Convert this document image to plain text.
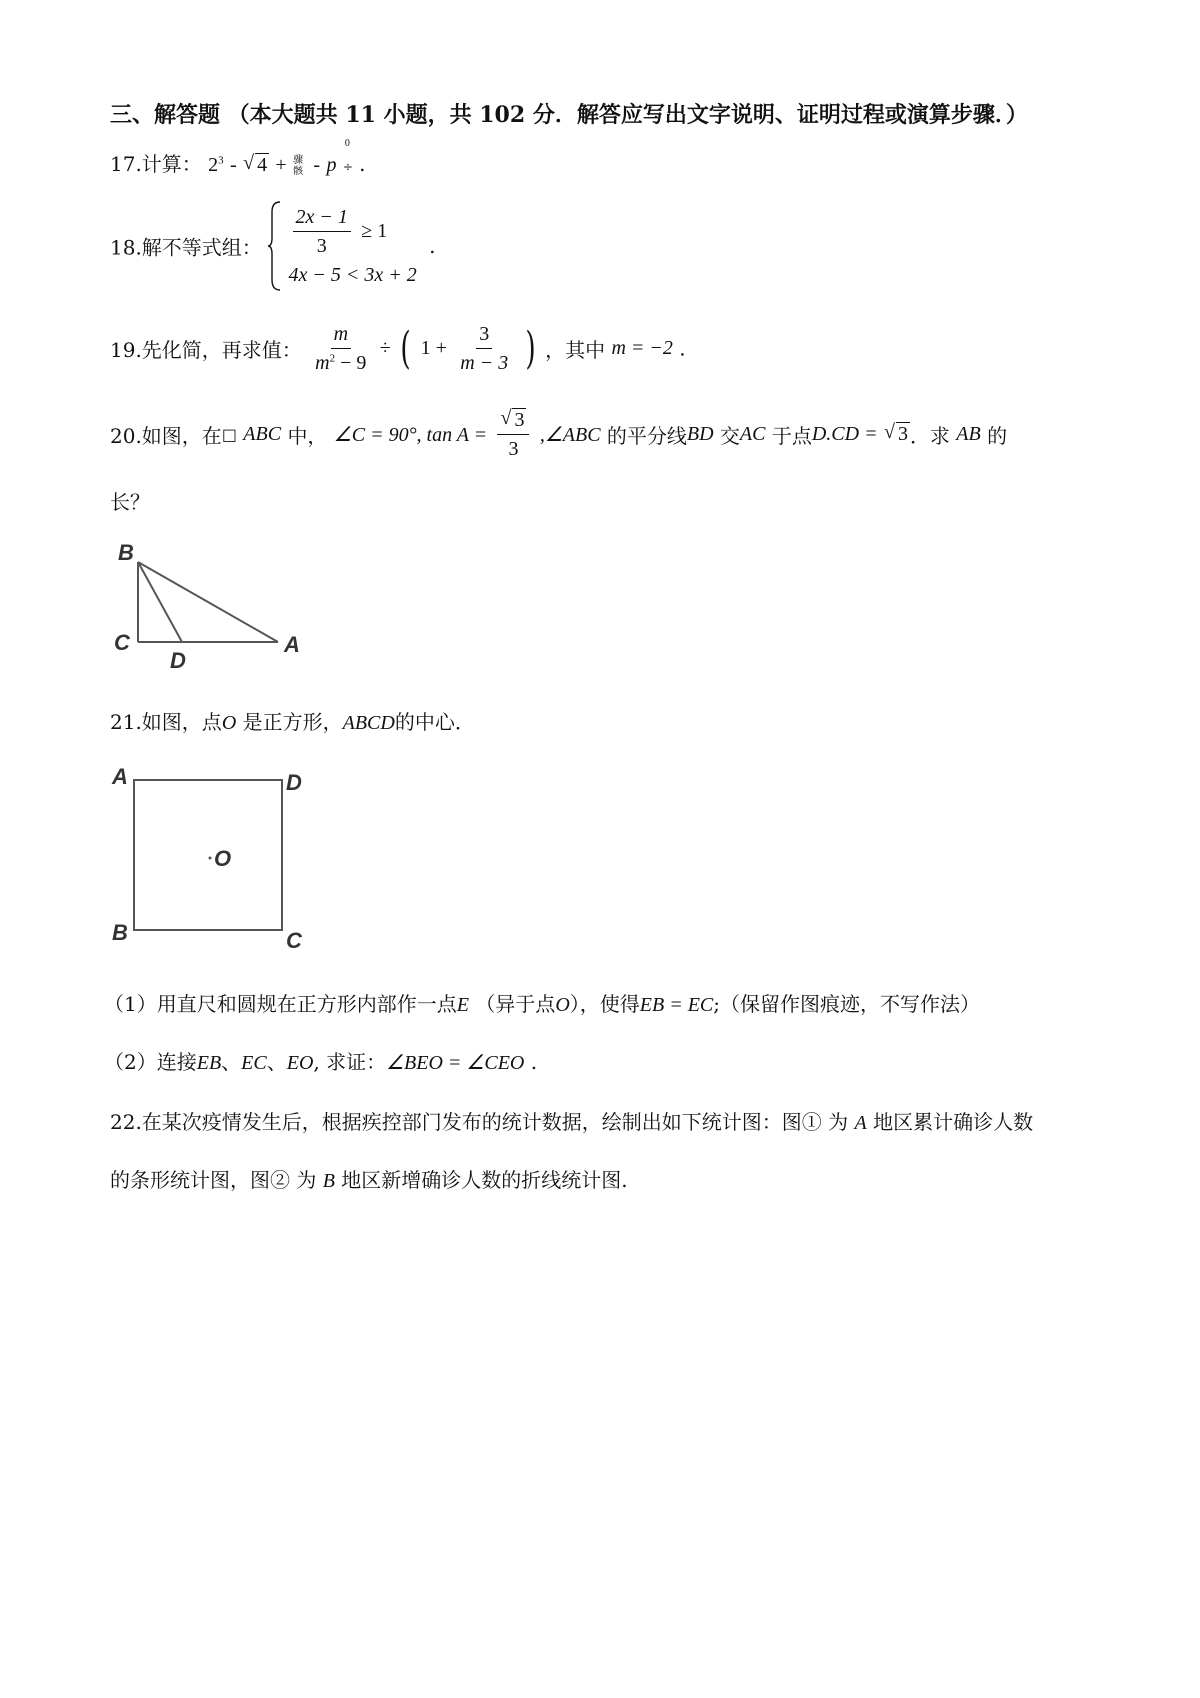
三、解答题 （本大题共 11 小题，共 102 分．解答应写出文字说明、证明过程或演算步骤．）
17.计算： $2^3$ - √ 4 + 骤
骸 - p
0
÷ .
18.解不等式组： $\frac{2x - 1}{3} \ge 1$
4x − 5 < 3x + 2
.
19.先化简，再求值： $\frac{m}{m^2 - 9}$ ÷ ( $1 + \frac{3}{m - 3}$ ) ，其中 m = −2 .
20.如图，在□ ABC 中， ∠C = 90°, tan A = √ $\frac{3}{3}$ ,∠ABC 的平分线BD 交AC 于点D.CD = √ 3 ．求 AB 的
长？
B
C
D
A
21.如图，点O 是正方形，ABCD的中心．
A	D
O
B	C
（1）用直尺和圆规在正方形内部作一点E （异于点O），使得EB = EC;（保留作图痕迹，不写作法）
（2）连接EB、EC、EO, 求证：∠BEO = ∠CEO .
22.在某次疫情发生后，根据疾控部门发布的统计数据，绘制出如下统计图：图① 为 A 地区累计确诊人数
的条形统计图，图② 为 B 地区新增确诊人数的折线统计图.
